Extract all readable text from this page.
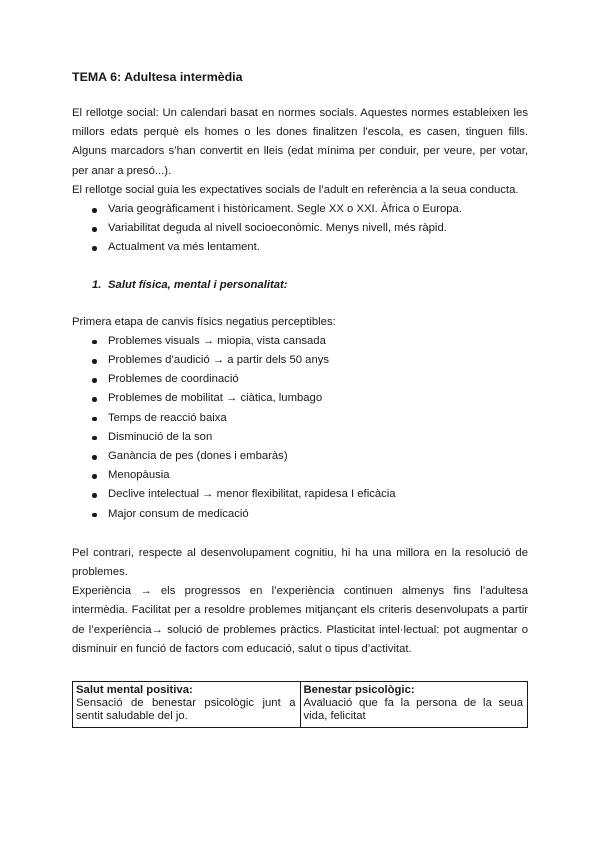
TEMA 6: Adultesa intermèdia

El rellotge social: Un calendari basat en normes socials. Aquestes normes estableixen les millors edats perquè els homes o les dones finalitzen l'escola, es casen, tinguen fills. Alguns marcadors s’han convertit en lleis (edat mínima per conduir, per veure, per votar, per anar a presó...).

El rellotge social guia les expectatives socials de l’adult en referència a la seua conducta.

Varia geogràficament i històricament. Segle XX o XXI. Àfrica o Europa.
Variabilitat deguda al nivell socioeconòmic. Menys nivell, més ràpid.
Actualment va més lentament.
1. Salut física, mental i personalitat:

Primera etapa de canvis físics negatius perceptibles:

Problemes visuals → miopia, vista cansada
Problemes d’audició → a partir dels 50 anys
Problemes de coordinació
Problemes de mobilitat → ciàtica, lumbago
Temps de reacció baixa
Disminució de la son
Ganància de pes (dones i embaràs)
Menopàusia
Declive intelectual → menor flexibilitat, rapidesa I eficàcia
Major consum de medicació

Pel contrari, respecte al desenvolupament cognitiu, hi ha una millora en la resolució de problemes.

Experiència → els progressos en l’experiència continuen almenys fins l’adultesa intermèdia. Facilitat per a resoldre problemes mitjançant els criteris desenvolupats a partir de l’experiència→ solució de problemes pràctics. Plasticitat intel·lectual: pot augmentar o disminuir en funció de factors com educació, salut o tipus d’activitat.

Salut mental positiva:
Sensació de benestar psicològic junt a sentit saludable del jo.

Benestar psicològic:
Avaluació que fa la persona de la seua vida, felicitat
